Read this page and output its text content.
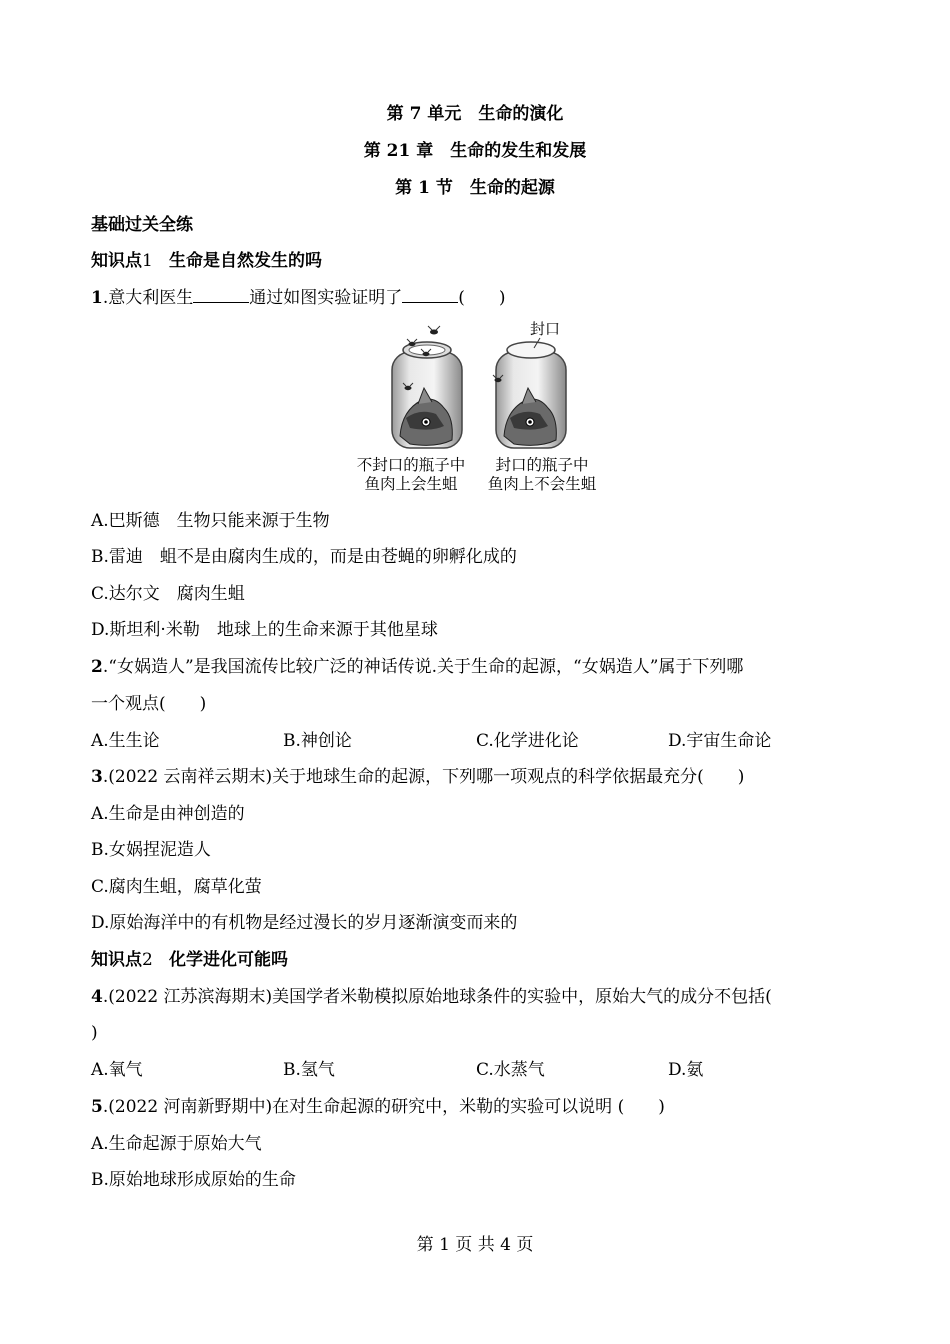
第 7 单元　生命的演化
第 21 章　生命的发生和发展
第 1 节　生命的起源
基础过关全练
知识点1 生命是自然发生的吗
1.意大利医生	通过如图实验证明了	(　　)
封口
不封口的瓶子中
鱼肉上会生蛆
封口的瓶子中
鱼肉上不会生蛆
A.巴斯德　生物只能来源于生物
B.雷迪　蛆不是由腐肉生成的，而是由苍蝇的卵孵化成的
C.达尔文　腐肉生蛆
D.斯坦利·米勒　地球上的生命来源于其他星球
2.“女娲造人”是我国流传比较广泛的神话传说.关于生命的起源，“女娲造人”属于下列哪
一个观点(　　)
A.生生论	B.神创论	C.化学进化论	D.宇宙生命论
3.(2022 云南祥云期末)关于地球生命的起源，下列哪一项观点的科学依据最充分(　　)
A.生命是由神创造的
B.女娲捏泥造人
C.腐肉生蛆，腐草化萤
D.原始海洋中的有机物是经过漫长的岁月逐渐演变而来的
知识点2 化学进化可能吗
4.(2022 江苏滨海期末)美国学者米勒模拟原始地球条件的实验中，原始大气的成分不包括(
)
A.氧气	B.氢气	C.水蒸气	D.氨
5.(2022 河南新野期中)在对生命起源的研究中，米勒的实验可以说明 (　　)
A.生命起源于原始大气
B.原始地球形成原始的生命
第 1 页 共 4 页
